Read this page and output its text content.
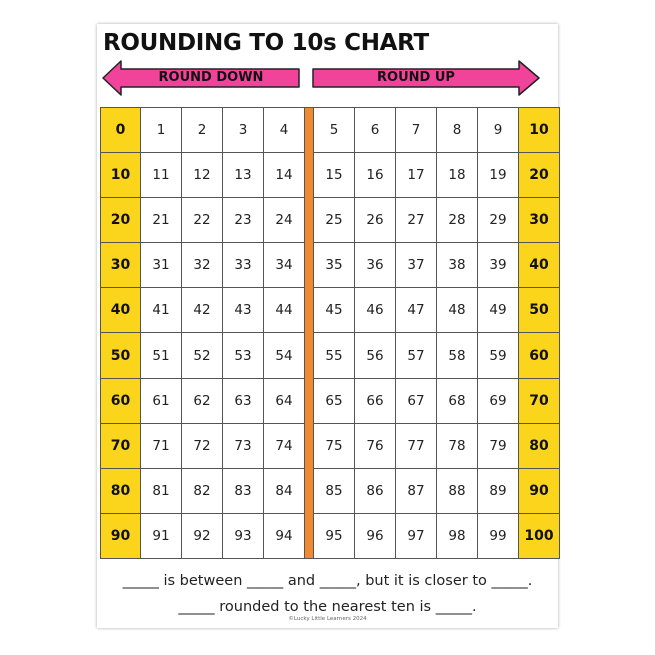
ROUNDING TO 10s CHART
ROUND DOWN	ROUND UP
0	1	2	3	4		5	6	7	8	9	10
10	11	12	13	14		15	16	17	18	19	20
20	21	22	23	24		25	26	27	28	29	30
30	31	32	33	34		35	36	37	38	39	40
40	41	42	43	44		45	46	47	48	49	50
50	51	52	53	54		55	56	57	58	59	60
60	61	62	63	64		65	66	67	68	69	70
70	71	72	73	74		75	76	77	78	79	80
80	81	82	83	84		85	86	87	88	89	90
90	91	92	93	94		95	96	97	98	99	100
_____ is between _____ and _____, but it is closer to _____.
_____ rounded to the nearest ten is _____.
©Lucky Little Learners 2024
